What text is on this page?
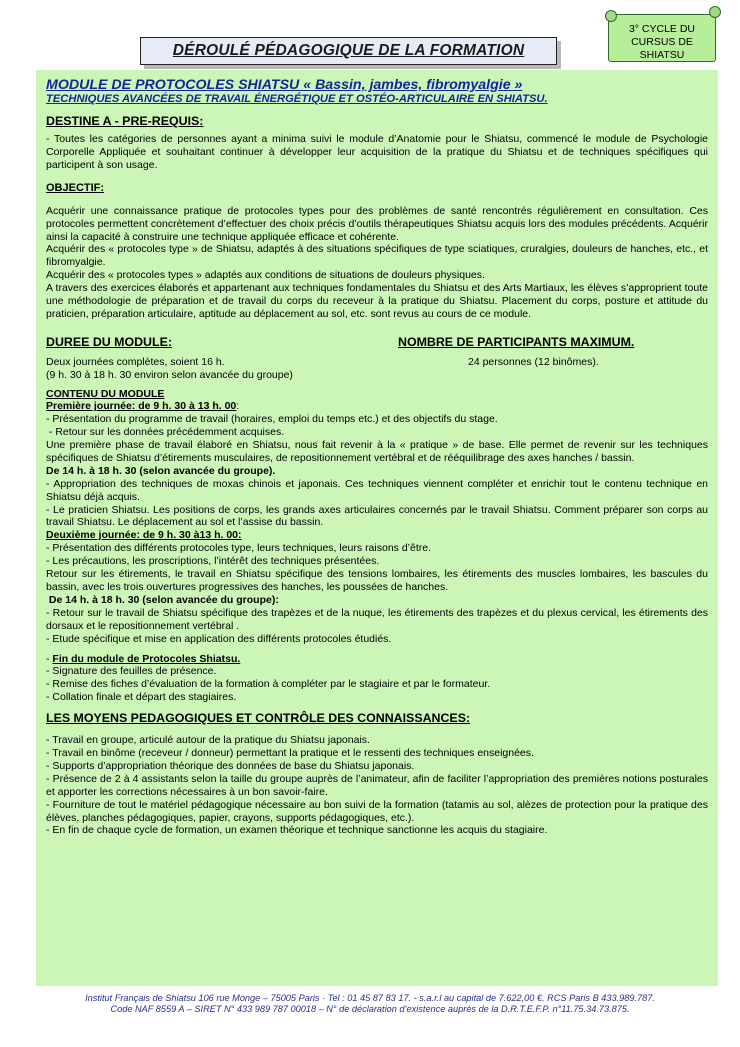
DÉROULÉ PÉDAGOGIQUE DE LA FORMATION
3° CYCLE DU
CURSUS DE
SHIATSU
MODULE DE PROTOCOLES SHIATSU « Bassin, jambes, fibromyalgie »
TECHNIQUES AVANCÉES DE TRAVAIL ÉNERGÉTIQUE ET OSTÉO-ARTICULAIRE EN SHIATSU.
DESTINE A - PRE-REQUIS:
- Toutes les catégories de personnes ayant a minima suivi le module d’Anatomie pour le Shiatsu, commencé le module de Psychologie Corporelle Appliquée et souhaitant continuer à développer leur acquisition de la pratique du Shiatsu et de techniques spécifiques qui participent à son usage.
OBJECTIF:
Acquérir une connaissance pratique de protocoles types pour des problèmes de santé rencontrés régulièrement en consultation. Ces protocoles permettent concrètement d’effectuer des choix précis d’outils thérapeutiques Shiatsu acquis lors des modules précédents. Acquérir ainsi la capacité à construire une technique appliquée efficace et cohérente.
Acquérir des « protocoles type » de Shiatsu, adaptés à des situations spécifiques de type sciatiques, cruralgies, douleurs de hanches, etc., et fibromyalgie.
Acquérir des « protocoles types » adaptés aux conditions de situations de douleurs physiques.
A travers des exercices élaborés et appartenant aux techniques fondamentales du Shiatsu et des Arts Martiaux, les élèves s’approprient toute une méthodologie de préparation et de travail du corps du receveur à la pratique du Shiatsu. Placement du corps, posture et attitude du praticien, préparation articulaire, aptitude au déplacement au sol, etc. sont revus au cours de ce module.
DUREE DU MODULE:
Deux journées complètes, soient 16 h.
(9 h. 30 à 18 h. 30 environ selon avancée du groupe)
NOMBRE DE PARTICIPANTS MAXIMUM.
24 personnes (12 binômes).
CONTENU DU MODULE
Première journée: de 9 h. 30 à 13 h. 00:
- Présentation du programme de travail (horaires, emploi du temps etc.) et des objectifs du stage.
- Retour sur les données précédemment acquises.
Une première phase de travail élaboré en Shiatsu, nous fait revenir à la « pratique » de base. Elle permet de revenir sur les techniques spécifiques de Shiatsu d’étirements musculaires, de repositionnement vertébral et de rééquilibrage des axes hanches / bassin.
De 14 h. à 18 h. 30 (selon avancée du groupe).
- Appropriation des techniques de moxas chinois et japonais. Ces techniques viennent compléter et enrichir tout le contenu technique en Shiatsu déjà acquis.
- Le praticien Shiatsu. Les positions de corps, les grands axes articulaires concernés par le travail Shiatsu. Comment préparer son corps au travail Shiatsu. Le déplacement au sol et l’assise du bassin.
Deuxième journée: de 9 h. 30 à13 h. 00:
- Présentation des différents protocoles type, leurs techniques, leurs raisons d’être.
- Les précautions, les proscriptions, l’intérêt des techniques présentées.
Retour sur les étirements, le travail en Shiatsu spécifique des tensions lombaires, les étirements des muscles lombaires, les bascules du bassin, avec les trois ouvertures progressives des hanches, les poussées de hanches.
De 14 h. à 18 h. 30 (selon avancée du groupe):
- Retour sur le travail de Shiatsu spécifique des trapèzes et de la nuque, les étirements des trapèzes et du plexus cervical, les étirements des dorsaux et le repositionnement vertébral .
- Etude spécifique et mise en application des différents protocoles étudiés.
- Fin du module de Protocoles Shiatsu.
- Signature des feuilles de présence.
- Remise des fiches d’évaluation de la formation à compléter par le stagiaire et par le formateur.
- Collation finale et départ des stagiaires.
LES MOYENS PEDAGOGIQUES ET CONTRÔLE DES CONNAISSANCES:
- Travail en groupe, articulé autour de la pratique du Shiatsu japonais.
- Travail en binôme (receveur / donneur) permettant la pratique et le ressenti des techniques enseignées.
- Supports d’appropriation théorique des données de base du Shiatsu japonais.
- Présence de 2 à 4 assistants selon la taille du groupe auprès de l’animateur, afin de faciliter l’appropriation des premières notions posturales et apporter les corrections nécessaires à un bon savoir-faire.
- Fourniture de tout le matériel pédagogique nécessaire au bon suivi de la formation (tatamis au sol, alèzes de protection pour la pratique des élèves, planches pédagogiques, papier, crayons, supports pédagogiques, etc.).
- En fin de chaque cycle de formation, un examen théorique et technique sanctionne les acquis du stagiaire.
Institut Français de Shiatsu 106 rue Monge – 75005 Paris · Tel : 01 45 87 83 17. - s.a.r.l au capital de 7.622,00 €. RCS Paris B 433.989.787.
Code NAF 8559 A – SIRET N° 433 989 787 00018 – N° de déclaration d’existence auprès de la D.R.T.E.F.P. n°11.75.34.73.875.
